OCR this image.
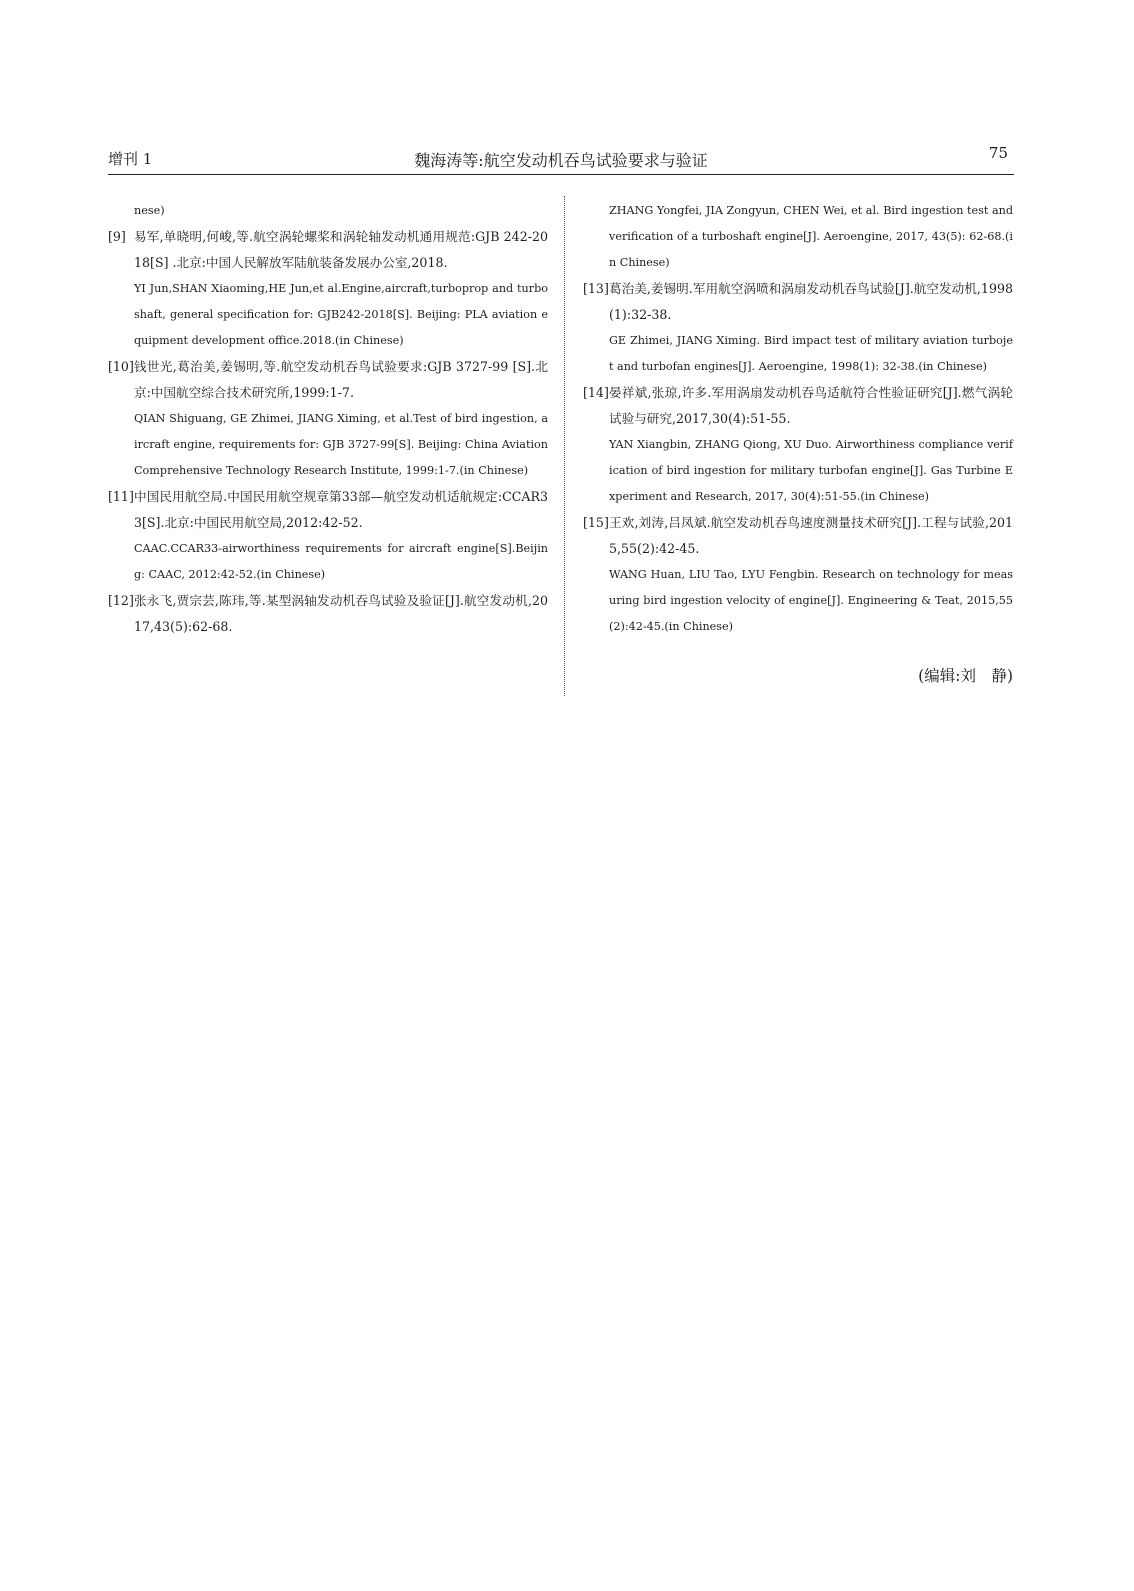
增刊 1	魏海涛等:航空发动机吞鸟试验要求与验证	75
nese)
[9] 易军,单晓明,何峻,等.航空涡轮螺桨和涡轮轴发动机通用规范:GJB 242-2018[S] .北京:中国人民解放军陆航装备发展办公室,2018.
YI Jun,SHAN Xiaoming,HE Jun,et al.Engine,aircraft,turboprop and turboshaft, general specification for: GJB242-2018[S]. Beijing: PLA aviation equipment development office.2018.(in Chinese)
[10] 钱世光,葛治美,姜锡明,等.航空发动机吞鸟试验要求:GJB 3727-99 [S].北京:中国航空综合技术研究所,1999:1-7.
QIAN Shiguang, GE Zhimei, JIANG Ximing, et al.Test of bird ingestion, aircraft engine, requirements for: GJB 3727-99[S]. Beijing: China Aviation Comprehensive Technology Research Institute, 1999:1-7.(in Chinese)
[11] 中国民用航空局.中国民用航空规章第33部—航空发动机适航规定:CCAR33[S].北京:中国民用航空局,2012:42-52.
CAAC.CCAR33-airworthiness requirements for aircraft engine[S].Beijing: CAAC, 2012:42-52.(in Chinese)
[12] 张永飞,贾宗芸,陈玮,等.某型涡轴发动机吞鸟试验及验证[J].航空发动机,2017,43(5):62-68.
ZHANG Yongfei, JIA Zongyun, CHEN Wei, et al. Bird ingestion test and verification of a turboshaft engine[J]. Aeroengine, 2017, 43(5): 62-68.(in Chinese)
[13] 葛治美,姜锡明.军用航空涡喷和涡扇发动机吞鸟试验[J].航空发动机,1998(1):32-38.
GE Zhimei, JIANG Ximing. Bird impact test of military aviation turbojet and turbofan engines[J]. Aeroengine, 1998(1): 32-38.(in Chinese)
[14] 晏祥斌,张琼,许多.军用涡扇发动机吞鸟适航符合性验证研究[J].燃气涡轮试验与研究,2017,30(4):51-55.
YAN Xiangbin, ZHANG Qiong, XU Duo. Airworthiness compliance verification of bird ingestion for military turbofan engine[J]. Gas Turbine Experiment and Research, 2017, 30(4):51-55.(in Chinese)
[15] 王欢,刘涛,吕凤斌.航空发动机吞鸟速度测量技术研究[J].工程与试验,2015,55(2):42-45.
WANG Huan, LIU Tao, LYU Fengbin. Research on technology for measuring bird ingestion velocity of engine[J]. Engineering & Teat, 2015,55(2):42-45.(in Chinese)
(编辑:刘　静)
